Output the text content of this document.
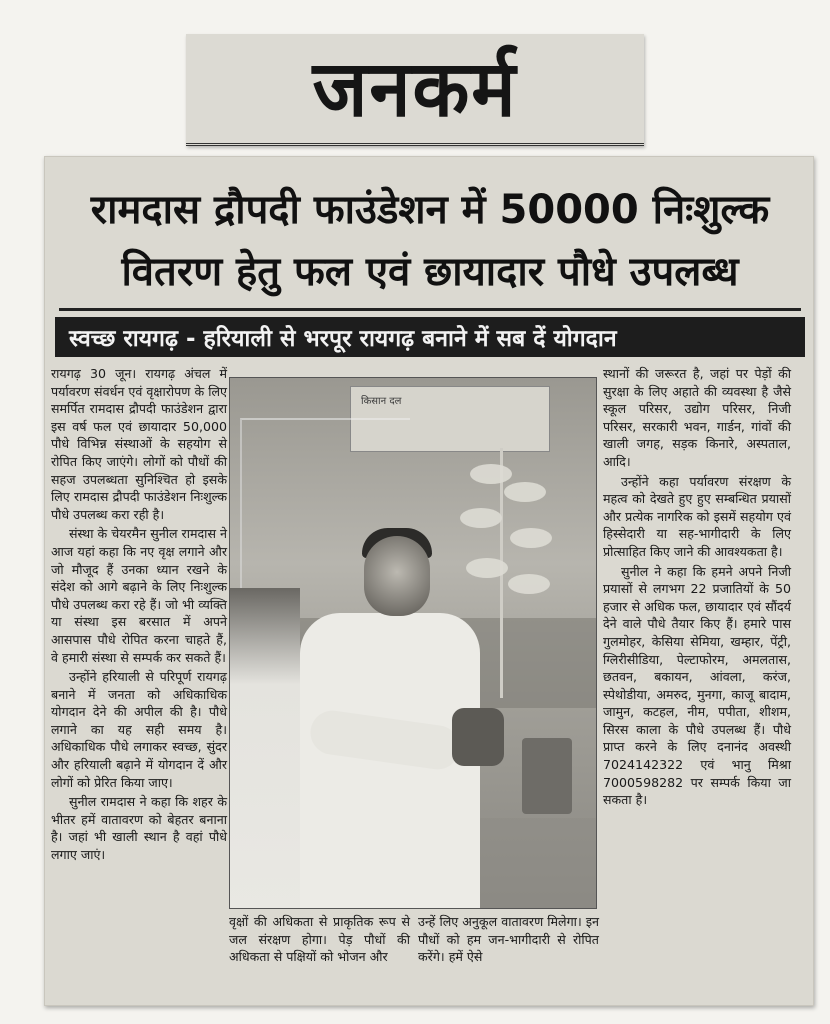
जनकर्म
रामदास द्रौपदी फाउंडेशन में 50000 निःशुल्क
वितरण हेतु फल एवं छायादार पौधे उपलब्ध
स्वच्छ रायगढ़ - हरियाली से भरपूर रायगढ़ बनाने में सब दें योगदान

रायगढ़ 30 जून। रायगढ़ अंचल में पर्यावरण संवर्धन एवं वृक्षारोपण के लिए समर्पित रामदास द्रौपदी फाउंडेशन द्वारा इस वर्ष फल एवं छायादार 50,000 पौधे विभिन्न संस्थाओं के सहयोग से रोपित किए जाएंगे। लोगों को पौधों की सहज उपलब्धता सुनिश्चित हो इसके लिए रामदास द्रौपदी फाउंडेशन निःशुल्क पौधे उपलब्ध करा रही है।

संस्था के चेयरमैन सुनील रामदास ने आज यहां कहा कि नए वृक्ष लगाने और जो मौजूद हैं उनका ध्यान रखने के संदेश को आगे बढ़ाने के लिए निःशुल्क पौधे उपलब्ध करा रहे हैं। जो भी व्यक्ति या संस्था इस बरसात में अपने आसपास पौधे रोपित करना चाहते हैं, वे हमारी संस्था से सम्पर्क कर सकते हैं।

उन्होंने हरियाली से परिपूर्ण रायगढ़ बनाने में जनता को अधिकाधिक योगदान देने की अपील की है। पौधे लगाने का यह सही समय है। अधिकाधिक पौधे लगाकर स्वच्छ, सुंदर और हरियाली बढ़ाने में योगदान दें और लोगों को प्रेरित किया जाए।

सुनील रामदास ने कहा कि शहर के भीतर हमें वातावरण को बेहतर बनाना है। जहां भी खाली स्थान है वहां पौधे लगाए जाएं।

किसान दल

वृक्षों की अधिकता से प्राकृतिक रूप से जल संरक्षण होगा। पेड़ पौधों की अधिकता से पक्षियों को भोजन और

उन्हें लिए अनुकूल वातावरण मिलेगा। इन पौधों को हम जन-भागीदारी से रोपित करेंगे। हमें ऐसे

स्थानों की जरूरत है, जहां पर पेड़ों की सुरक्षा के लिए अहाते की व्यवस्था है जैसे स्कूल परिसर, उद्योग परिसर, निजी परिसर, सरकारी भवन, गार्डन, गांवों की खाली जगह, सड़क किनारे, अस्पताल, आदि।

उन्होंने कहा पर्यावरण संरक्षण के महत्व को देखते हुए हुए सम्बन्धित प्रयासों और प्रत्येक नागरिक को इसमें सहयोग एवं हिस्सेदारी या सह-भागीदारी के लिए प्रोत्साहित किए जाने की आवश्यकता है।

सुनील ने कहा कि हमने अपने निजी प्रयासों से लगभग 22 प्रजातियों के 50 हजार से अधिक फल, छायादार एवं सौंदर्य देने वाले पौधे तैयार किए हैं। हमारे पास गुलमोहर, केसिया सेमिया, खम्हार, पेंट्री, ग्लिरीसीडिया, पेल्टाफोरम, अमलतास, छतवन, बकायन, आंवला, करंज, स्पेथोडीया, अमरुद, मुनगा, काजू बादाम, जामुन, कटहल, नीम, पपीता, शीशम, सिरस काला के पौधे उपलब्ध हैं। पौधे प्राप्त करने के लिए दनानंद अवस्थी 7024142322 एवं भानु मिश्रा 7000598282 पर सम्पर्क किया जा सकता है।
